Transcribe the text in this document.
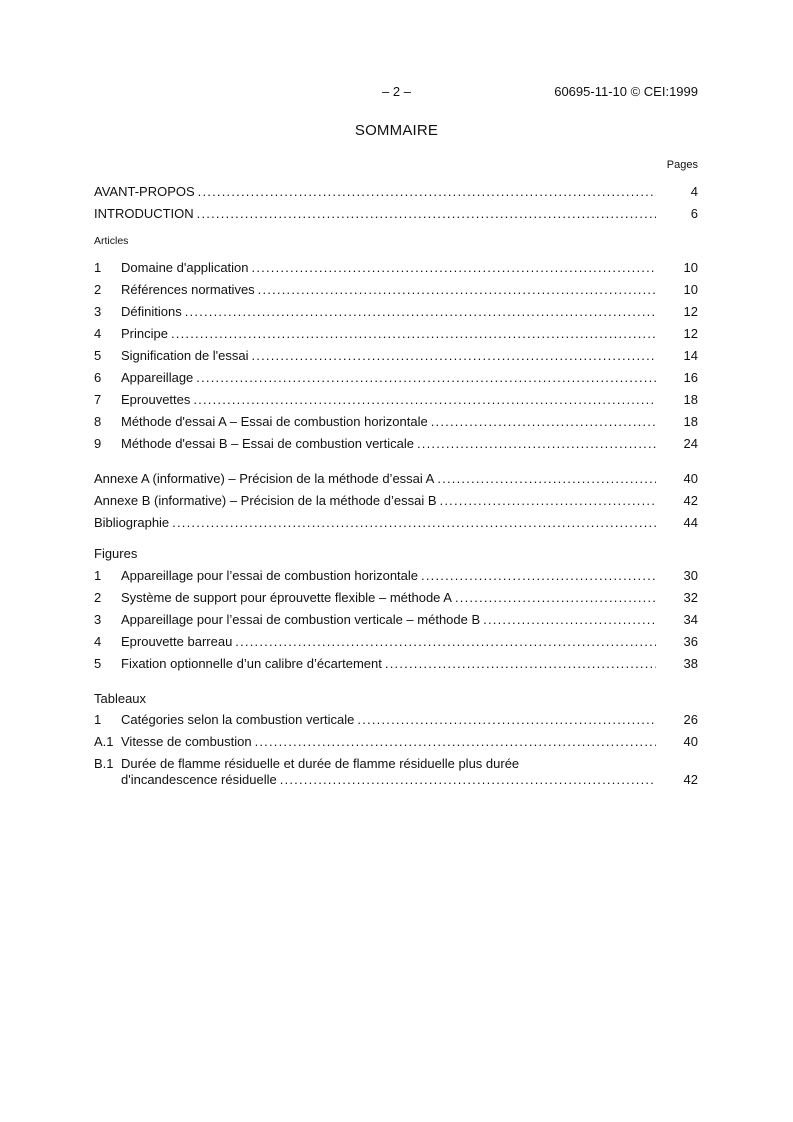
– 2 –	60695-11-10 © CEI:1999
SOMMAIRE
Pages
AVANT-PROPOS .....	4
INTRODUCTION .....	6
Articles
1	Domaine d'application .....	10
2	Références normatives .....	10
3	Définitions .....	12
4	Principe .....	12
5	Signification de l'essai .....	14
6	Appareillage .....	16
7	Eprouvettes .....	18
8	Méthode d'essai A – Essai de combustion horizontale .....	18
9	Méthode d'essai B – Essai de combustion verticale .....	24
Annexe A (informative) – Précision de la méthode d’essai A .....	40
Annexe B (informative) – Précision de la méthode d’essai B .....	42
Bibliographie .....	44
Figures
1	Appareillage pour l’essai de combustion horizontale .....	30
2	Système de support pour éprouvette flexible – méthode A .....	32
3	Appareillage pour l’essai de combustion verticale – méthode B .....	34
4	Eprouvette barreau .....	36
5	Fixation optionnelle d’un calibre d’écartement .....	38
Tableaux
1	Catégories selon la combustion verticale .....	26
A.1 Vitesse de combustion .....	40
B.1 Durée de flamme résiduelle et durée de flamme résiduelle plus durée
d'incandescence résiduelle .....	42
